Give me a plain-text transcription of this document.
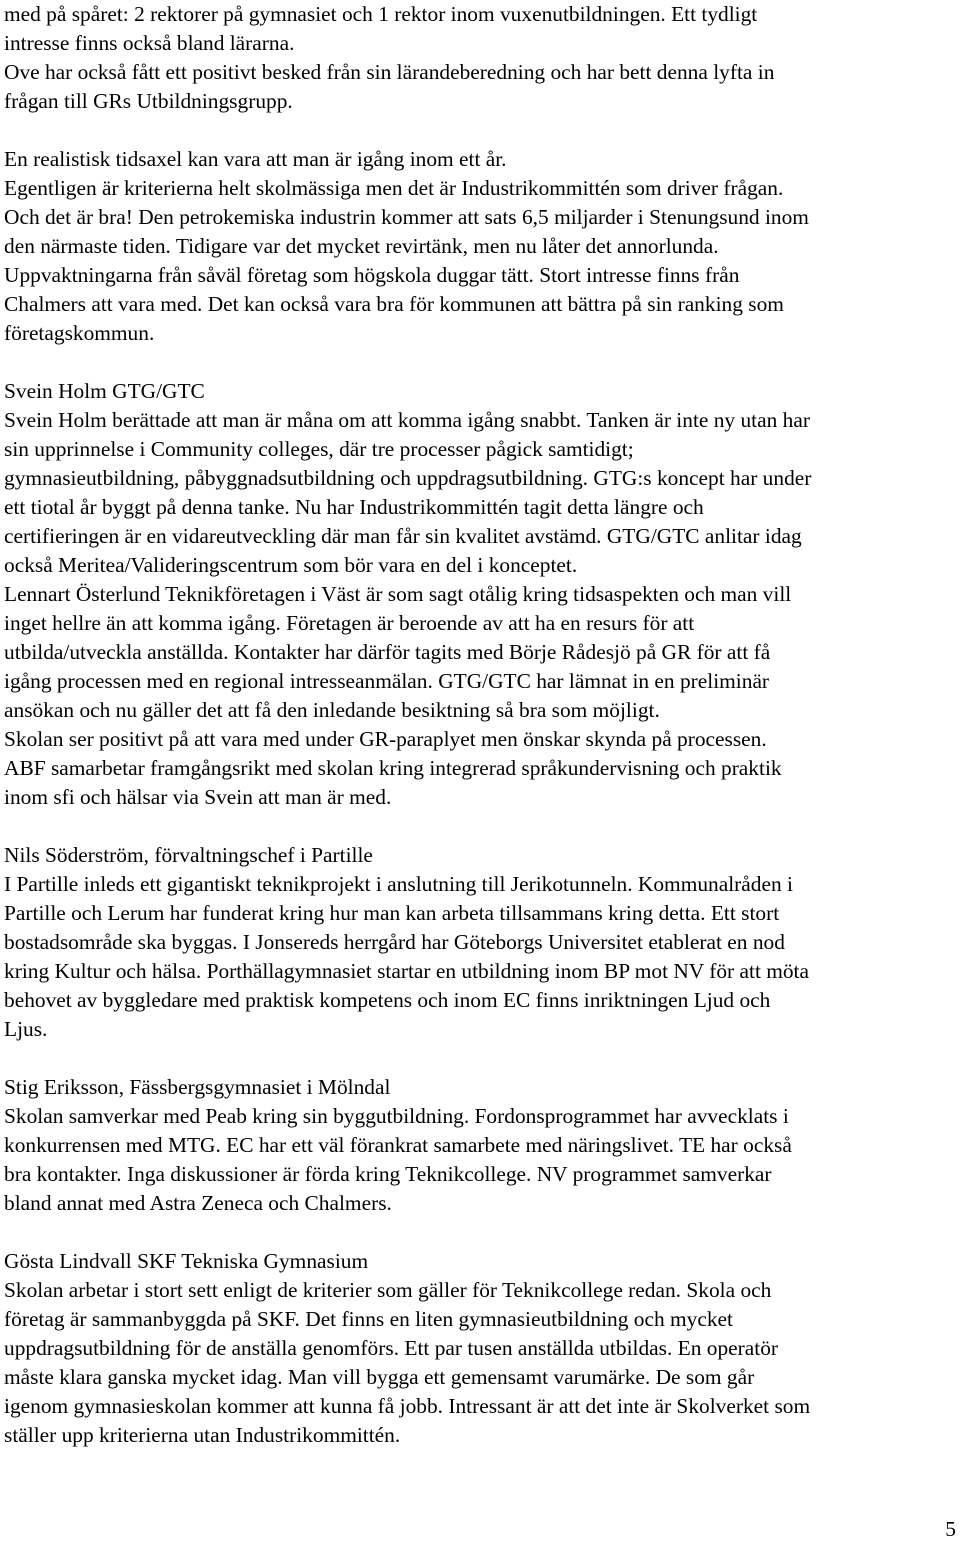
med på spåret: 2 rektorer på gymnasiet och 1 rektor inom vuxenutbildningen. Ett tydligt
intresse finns också bland lärarna.
Ove har också fått ett positivt besked från sin lärandeberedning och har bett denna lyfta in
frågan till GRs Utbildningsgrupp.
En realistisk tidsaxel kan vara att man är igång inom ett år.
Egentligen är kriterierna helt skolmässiga men det är Industrikommittén som driver frågan.
Och det är bra! Den petrokemiska industrin kommer att sats 6,5 miljarder i Stenungsund inom
den närmaste tiden. Tidigare var det mycket revirtänk, men nu låter det annorlunda.
Uppvaktningarna från såväl företag som högskola duggar tätt. Stort intresse finns från
Chalmers att vara med. Det kan också vara bra för kommunen att bättra på sin ranking som
företagskommun.
Svein Holm GTG/GTC
Svein Holm berättade att man är måna om att komma igång snabbt. Tanken är inte ny utan har
sin upprinnelse i Community colleges, där tre processer pågick samtidigt;
gymnasieutbildning, påbyggnadsutbildning och uppdragsutbildning. GTG:s koncept har under
ett tiotal år byggt på denna tanke. Nu har Industrikommittén tagit detta längre och
certifieringen är en vidareutveckling där man får sin kvalitet avstämd. GTG/GTC anlitar idag
också Meritea/Valideringscentrum som bör vara en del i konceptet.
Lennart Österlund Teknikföretagen i Väst är som sagt otålig kring tidsaspekten och man vill
inget hellre än att komma igång. Företagen är beroende av att ha en resurs för att
utbilda/utveckla anställda. Kontakter har därför tagits med Börje Rådesjö på GR för att få
igång processen med en regional intresseanmälan. GTG/GTC har lämnat in en preliminär
ansökan och nu gäller det att få den inledande besiktning så bra som möjligt.
Skolan ser positivt på att vara med under GR-paraplyet men önskar skynda på processen.
ABF samarbetar framgångsrikt med skolan kring integrerad språkundervisning och praktik
inom sfi och hälsar via Svein att man är med.
Nils Söderström, förvaltningschef i Partille
I Partille inleds ett gigantiskt teknikprojekt i anslutning till Jerikotunneln. Kommunalråden i
Partille och Lerum har funderat kring hur man kan arbeta tillsammans kring detta. Ett stort
bostadsområde ska byggas. I Jonsereds herrgård har Göteborgs Universitet etablerat en nod
kring Kultur och hälsa. Porthällagymnasiet startar en utbildning inom BP mot NV för att möta
behovet av byggledare med praktisk kompetens och inom EC finns inriktningen Ljud och
Ljus.
Stig Eriksson, Fässbergsgymnasiet i Mölndal
Skolan samverkar med Peab kring sin byggutbildning. Fordonsprogrammet har avvecklats i
konkurrensen med MTG. EC har ett väl förankrat samarbete med näringslivet. TE har också
bra kontakter. Inga diskussioner är förda kring Teknikcollege. NV programmet samverkar
bland annat med Astra Zeneca och Chalmers.
Gösta Lindvall SKF Tekniska Gymnasium
Skolan arbetar i stort sett enligt de kriterier som gäller för Teknikcollege redan. Skola och
företag är sammanbyggda på SKF. Det finns en liten gymnasieutbildning och mycket
uppdragsutbildning för de anställa genomförs. Ett par tusen anställda utbildas. En operatör
måste klara ganska mycket idag. Man vill bygga ett gemensamt varumärke. De som går
igenom gymnasieskolan kommer att kunna få jobb. Intressant är att det inte är Skolverket som
ställer upp kriterierna utan Industrikommittén.
5
